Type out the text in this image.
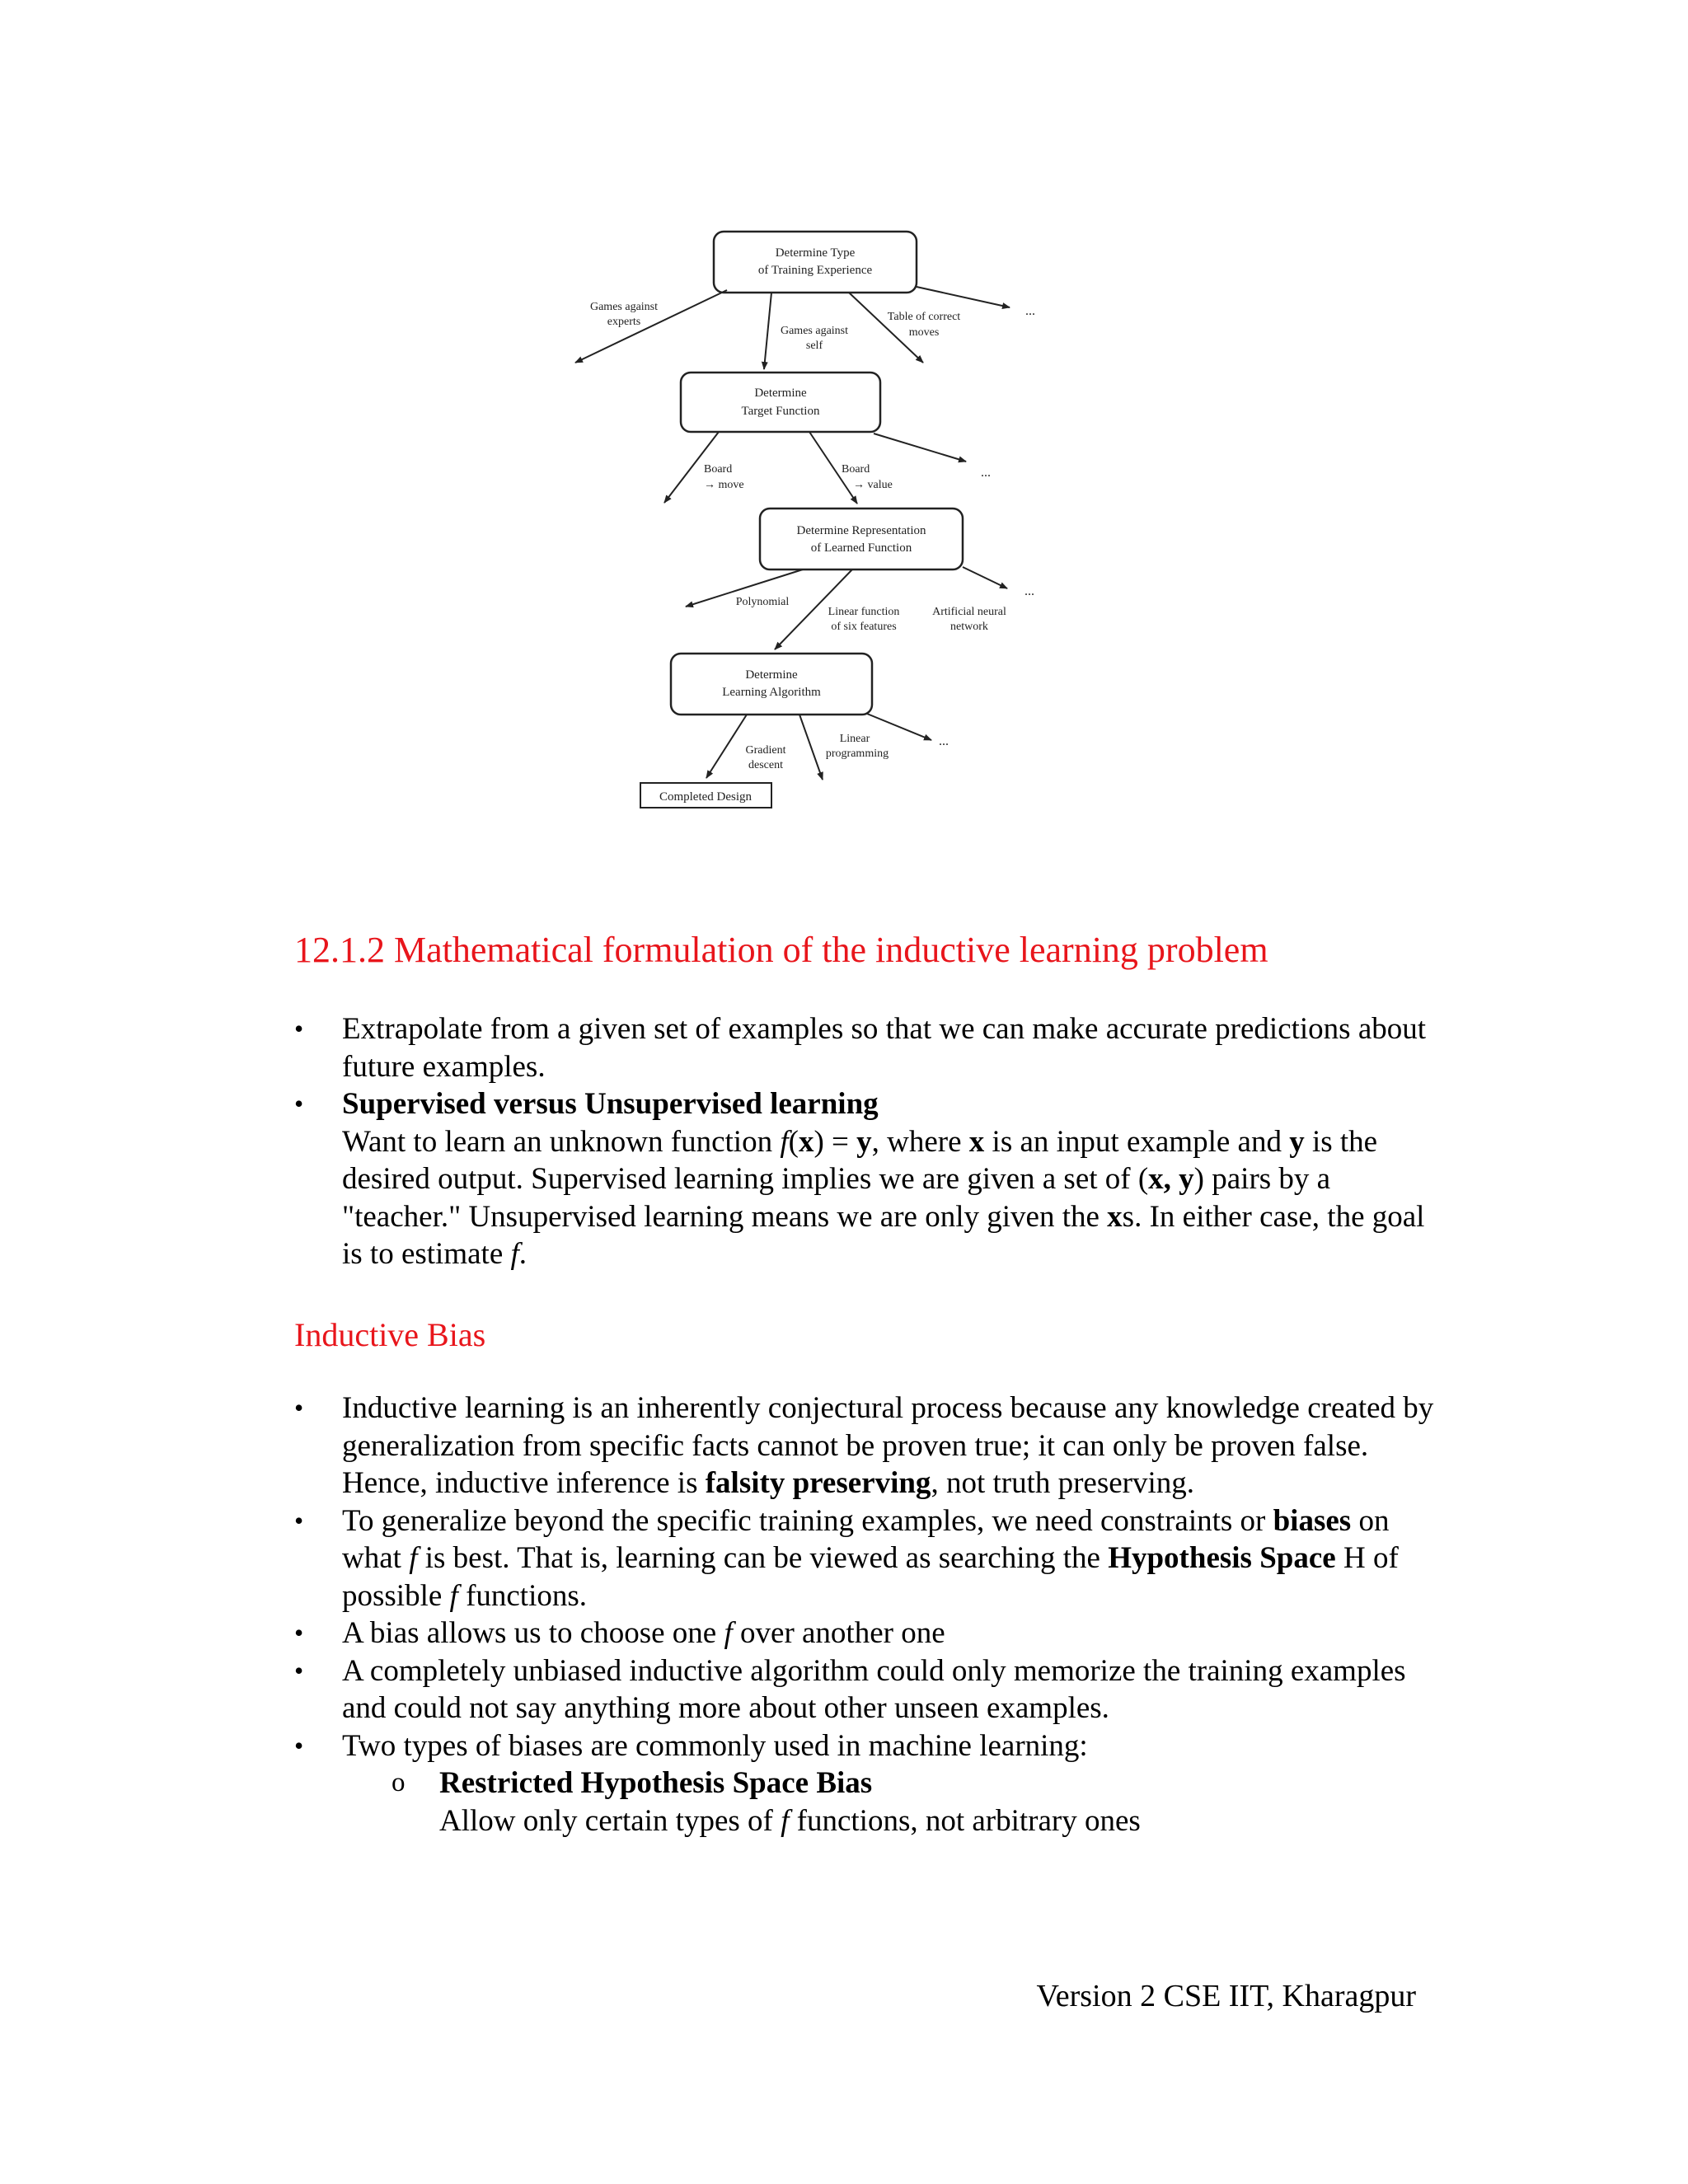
Determine Type
of Training Experience
Games against
experts
Games against
self
Table of correct
moves
...
Determine
Target Function
Board
→ move
Board
→ value
...
Determine Representation
of Learned Function
Polynomial
Linear function
of six features
Artificial neural
network
...
Determine
Learning Algorithm
Gradient
descent
Linear
programming
...
Completed Design
12.1.2 Mathematical formulation of the inductive learning problem
• Extrapolate from a given set of examples so that we can make accurate predictions about future examples.
• Supervised versus Unsupervised learning
Want to learn an unknown function f(x) = y, where x is an input example and y is the desired output. Supervised learning implies we are given a set of (x, y) pairs by a "teacher." Unsupervised learning means we are only given the xs. In either case, the goal is to estimate f.
Inductive Bias
• Inductive learning is an inherently conjectural process because any knowledge created by generalization from specific facts cannot be proven true; it can only be proven false. Hence, inductive inference is falsity preserving, not truth preserving.
• To generalize beyond the specific training examples, we need constraints or biases on what f is best. That is, learning can be viewed as searching the Hypothesis Space H of possible f functions.
• A bias allows us to choose one f over another one
• A completely unbiased inductive algorithm could only memorize the training examples and could not say anything more about other unseen examples.
• Two types of biases are commonly used in machine learning:
o Restricted Hypothesis Space Bias
Allow only certain types of f functions, not arbitrary ones
Version 2 CSE IIT, Kharagpur
